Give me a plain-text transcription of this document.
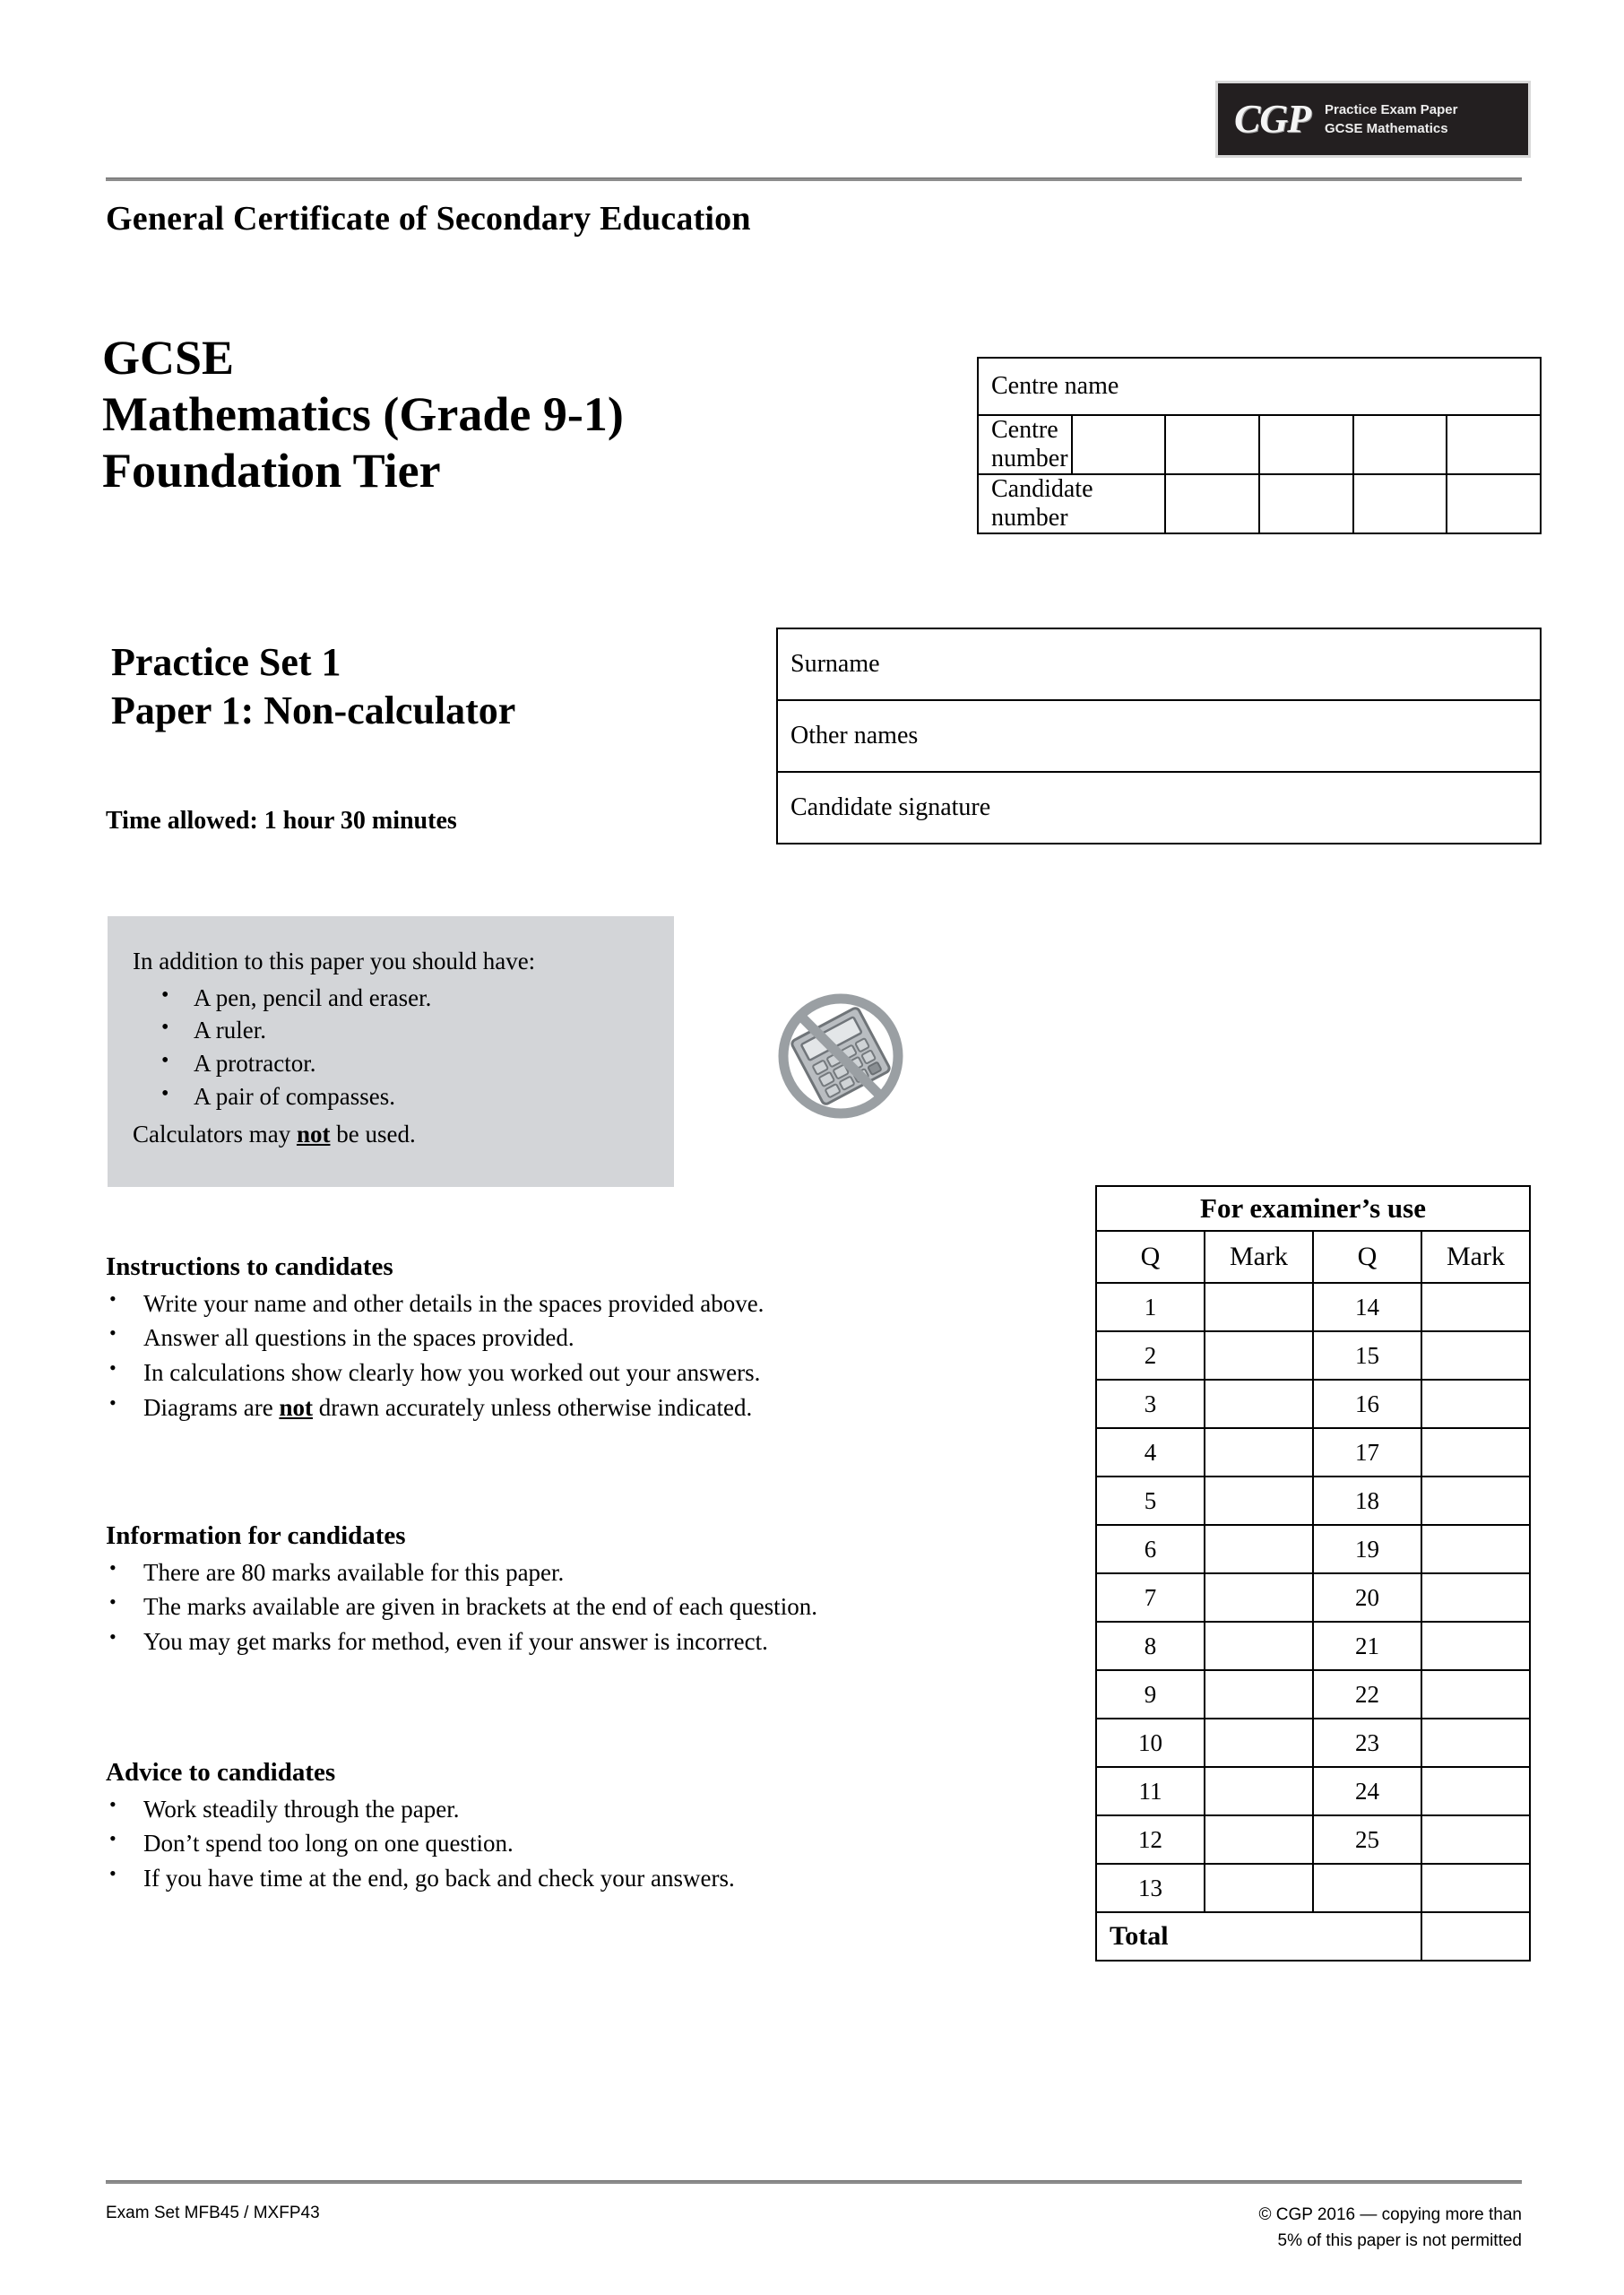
CGP Practice Exam Paper
GCSE Mathematics
General Certificate of Secondary Education
GCSE
Mathematics (Grade 9-1)
Foundation Tier
Practice Set 1
Paper 1: Non-calculator
Time allowed: 1 hour 30 minutes
Centre name					
Centre number					
Candidate number					
Surname
Other names
Candidate signature
In addition to this paper you should have:
• A pen, pencil and eraser.
• A ruler.
• A protractor.
• A pair of compasses.
Calculators may not be used.
Instructions to candidates
• Write your name and other details in the spaces provided above.
• Answer all questions in the spaces provided.
• In calculations show clearly how you worked out your answers.
• Diagrams are not drawn accurately unless otherwise indicated.
Information for candidates
• There are 80 marks available for this paper.
• The marks available are given in brackets at the end of each question.
• You may get marks for method, even if your answer is incorrect.
Advice to candidates
• Work steadily through the paper.
• Don’t spend too long on one question.
• If you have time at the end, go back and check your answers.
For examiner’s use			
Q	Mark	Q	Mark
1		14	
2		15	
3		16	
4		17	
5		18	
6		19	
7		20	
8		21	
9		22	
10		23	
11		24	
12		25	
13			
Total			
Exam Set MFB45 / MXFP43	© CGP 2016 — copying more than
5% of this paper is not permitted
